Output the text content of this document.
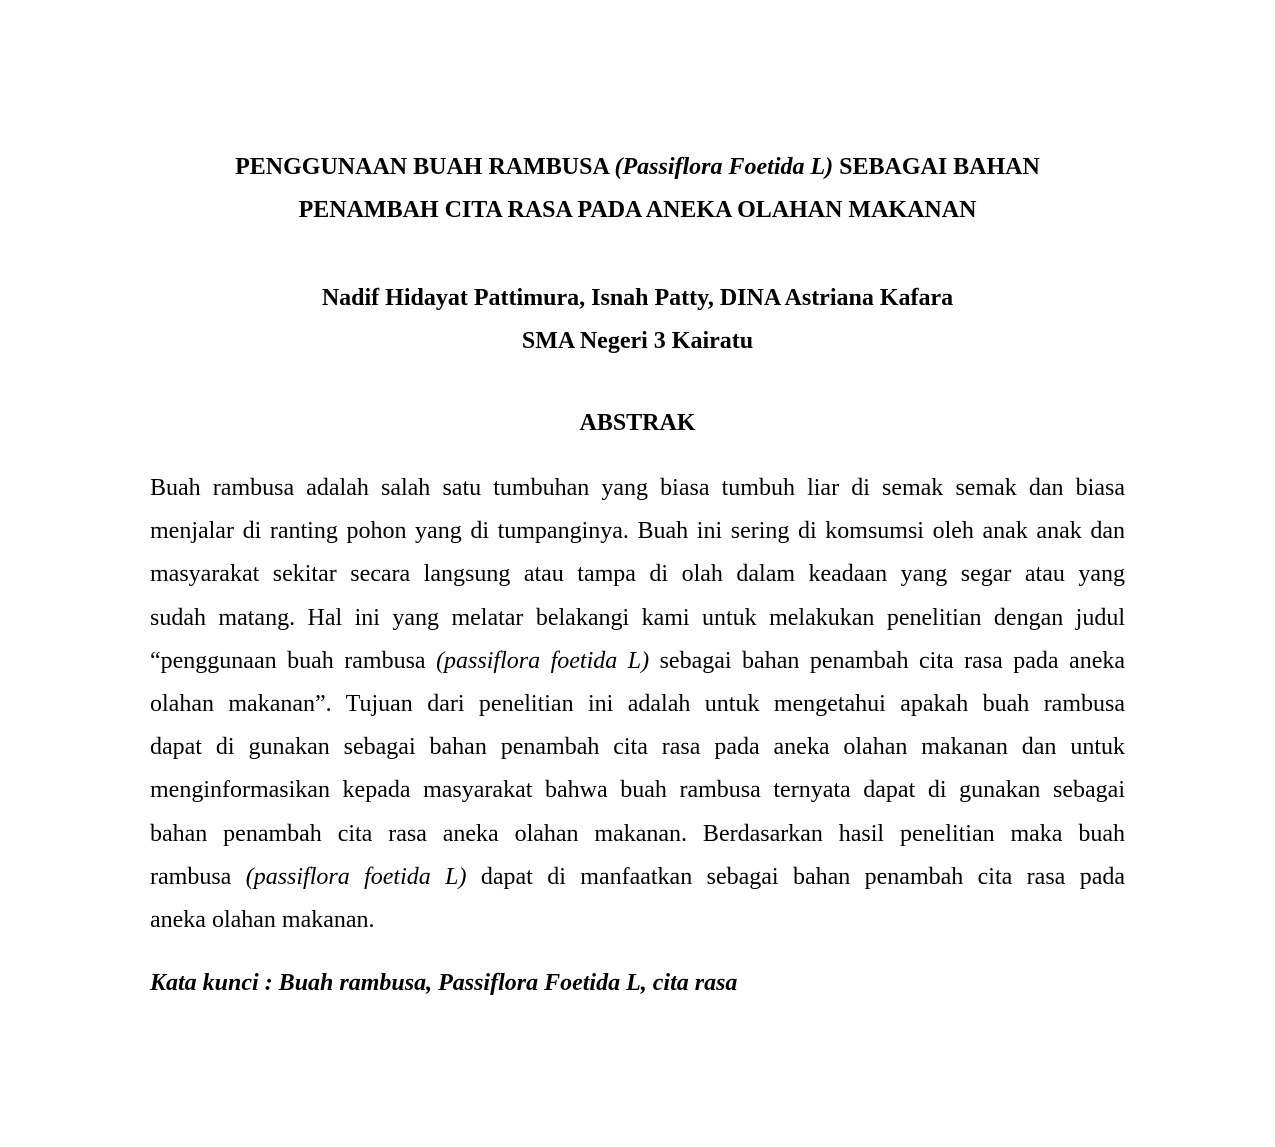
PENGGUNAAN BUAH RAMBUSA (Passiflora Foetida L) SEBAGAI BAHAN
PENAMBAH CITA RASA PADA ANEKA OLAHAN MAKANAN
Nadif Hidayat Pattimura, Isnah Patty, DINA Astriana Kafara
SMA Negeri 3 Kairatu
ABSTRAK
Buah rambusa adalah salah satu tumbuhan yang biasa tumbuh liar di semak semak dan biasa
menjalar di ranting pohon yang di tumpanginya. Buah ini sering di komsumsi oleh anak anak dan
masyarakat sekitar secara langsung atau tampa di olah dalam keadaan yang segar atau yang
sudah matang. Hal ini yang melatar belakangi kami untuk melakukan penelitian dengan judul
“penggunaan buah rambusa (passiflora foetida L) sebagai bahan penambah cita rasa pada aneka
olahan makanan”. Tujuan dari penelitian ini adalah untuk mengetahui apakah buah rambusa
dapat di gunakan sebagai bahan penambah cita rasa pada aneka olahan makanan dan untuk
menginformasikan kepada masyarakat bahwa buah rambusa ternyata dapat di gunakan sebagai
bahan penambah cita rasa aneka olahan makanan. Berdasarkan hasil penelitian maka buah
rambusa (passiflora foetida L) dapat di manfaatkan sebagai bahan penambah cita rasa pada
aneka olahan makanan.
Kata kunci : Buah rambusa, Passiflora Foetida L, cita rasa
